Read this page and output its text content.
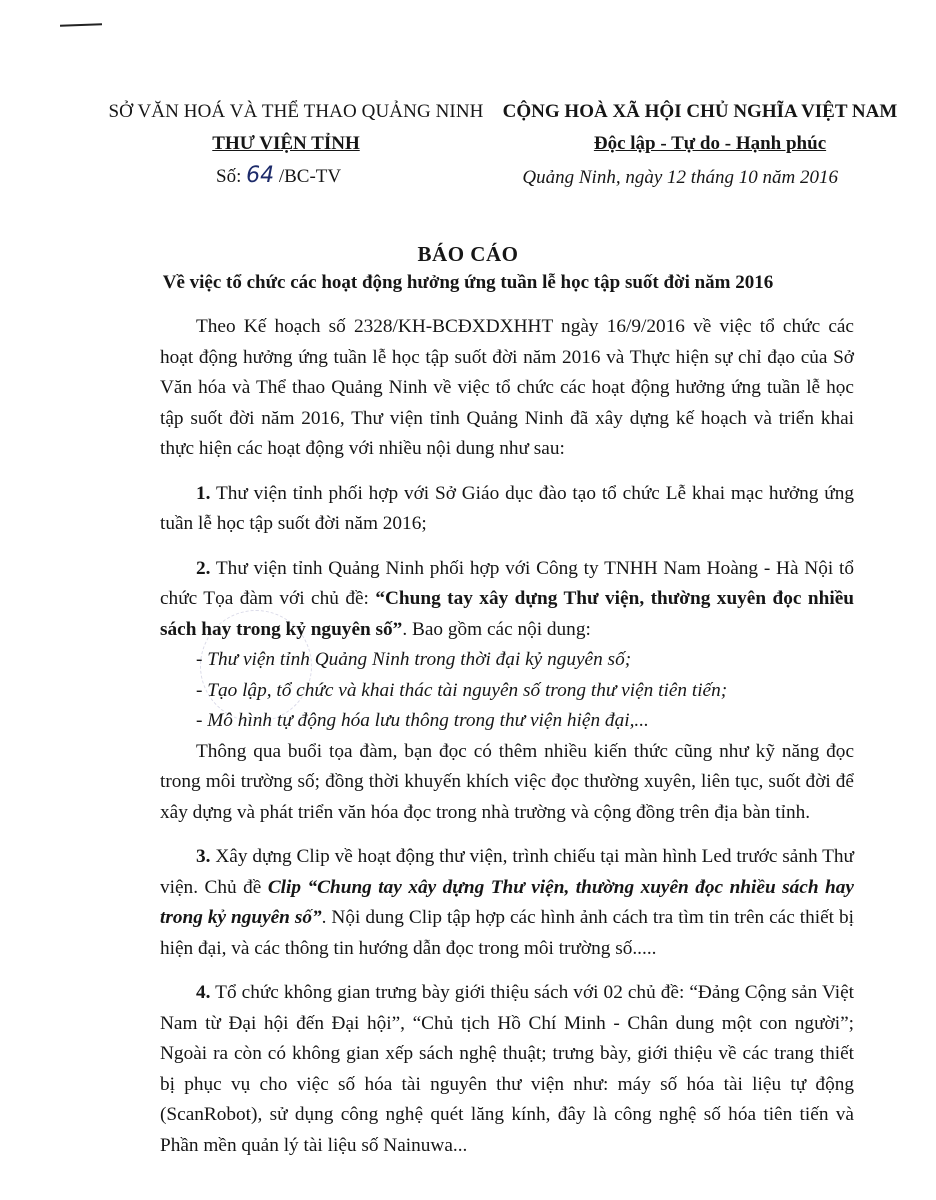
SỞ VĂN HOÁ VÀ THỂ THAO QUẢNG NINH
THƯ VIỆN TỈNH
Số: 64 /BC-TV
CỘNG HOÀ XÃ HỘI CHỦ NGHĨA VIỆT NAM
Độc lập - Tự do - Hạnh phúc
Quảng Ninh, ngày 12 tháng 10 năm 2016
BÁO CÁO
Về việc tổ chức các hoạt động hưởng ứng tuần lễ học tập suốt đời năm 2016

Theo Kế hoạch số 2328/KH-BCĐXDXHHT ngày 16/9/2016 về việc tổ chức các hoạt động hưởng ứng tuần lễ học tập suốt đời năm 2016 và Thực hiện sự chỉ đạo của Sở Văn hóa và Thể thao Quảng Ninh về việc tổ chức các hoạt động hưởng ứng tuần lễ học tập suốt đời năm 2016, Thư viện tỉnh Quảng Ninh đã xây dựng kế hoạch và triển khai thực hiện các hoạt động với nhiều nội dung như sau:

1. Thư viện tỉnh phối hợp với Sở Giáo dục đào tạo tổ chức Lễ khai mạc hưởng ứng tuần lễ học tập suốt đời năm 2016;

2. Thư viện tỉnh Quảng Ninh phối hợp với Công ty TNHH Nam Hoàng - Hà Nội tổ chức Tọa đàm với chủ đề: “Chung tay xây dựng Thư viện, thường xuyên đọc nhiều sách hay trong kỷ nguyên số”. Bao gồm các nội dung:

- Thư viện tỉnh Quảng Ninh trong thời đại kỷ nguyên số;

- Tạo lập, tổ chức và khai thác tài nguyên số trong thư viện tiên tiến;

- Mô hình tự động hóa lưu thông trong thư viện hiện đại,...

Thông qua buổi tọa đàm, bạn đọc có thêm nhiều kiến thức cũng như kỹ năng đọc trong môi trường số; đồng thời khuyến khích việc đọc thường xuyên, liên tục, suốt đời để xây dựng và phát triển văn hóa đọc trong nhà trường và cộng đồng trên địa bàn tỉnh.

3. Xây dựng Clip về hoạt động thư viện, trình chiếu tại màn hình Led trước sảnh Thư viện. Chủ đề Clip “Chung tay xây dựng Thư viện, thường xuyên đọc nhiều sách hay trong kỷ nguyên số”. Nội dung Clip tập hợp các hình ảnh cách tra tìm tin trên các thiết bị hiện đại, và các thông tin hướng dẫn đọc trong môi trường số.....

4. Tổ chức không gian trưng bày giới thiệu sách với 02 chủ đề: “Đảng Cộng sản Việt Nam từ Đại hội đến Đại hội”, “Chủ tịch Hồ Chí Minh - Chân dung một con người”; Ngoài ra còn có không gian xếp sách nghệ thuật; trưng bày, giới thiệu về các trang thiết bị phục vụ cho việc số hóa tài nguyên thư viện như: máy số hóa tài liệu tự động (ScanRobot), sử dụng công nghệ quét lăng kính, đây là công nghệ số hóa tiên tiến và Phần mền quản lý tài liệu số Nainuwa...
